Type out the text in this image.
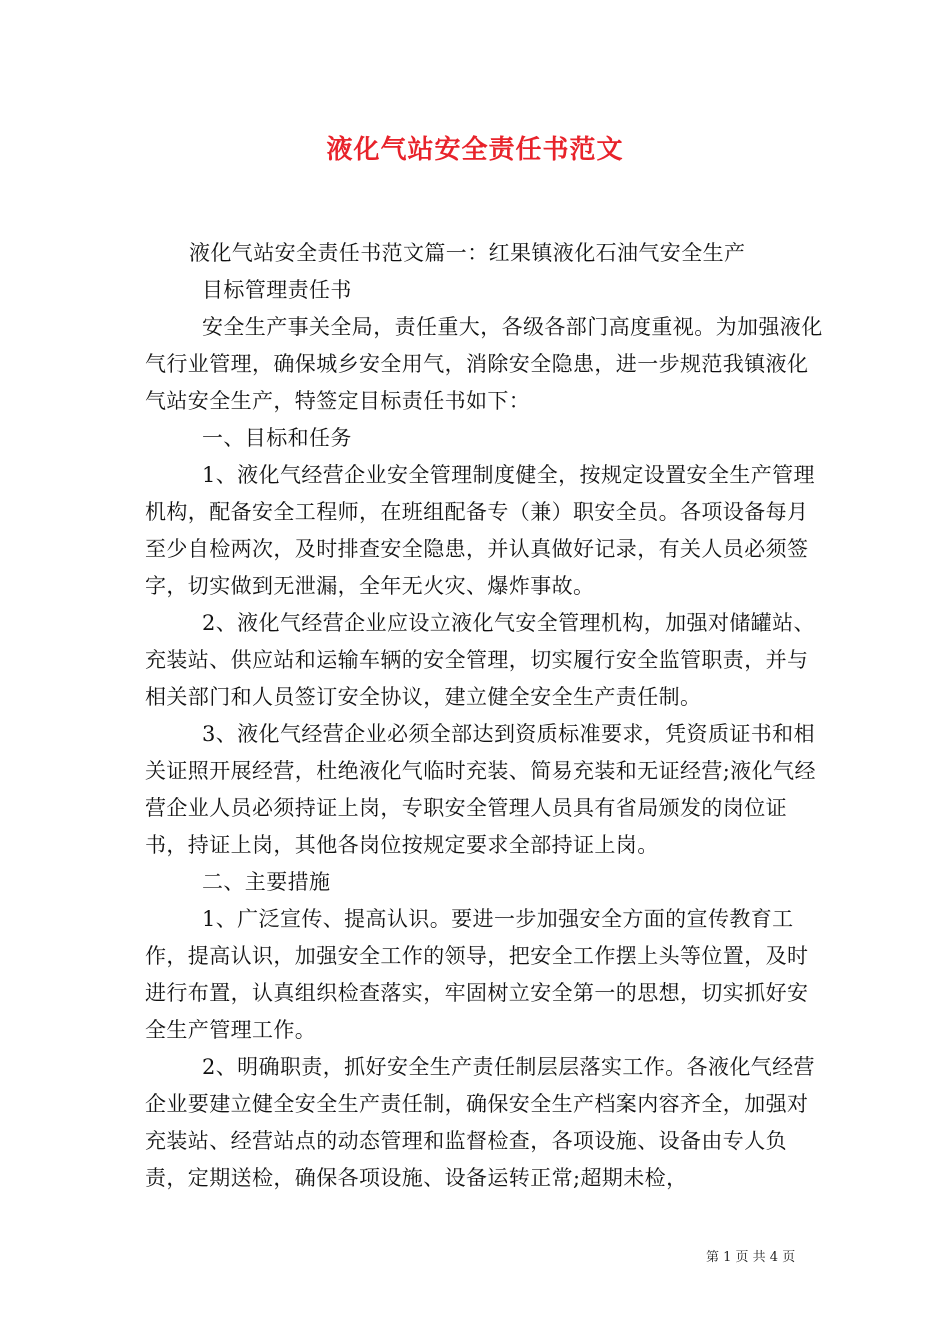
液化气站安全责任书范文

液化气站安全责任书范文篇一：红果镇液化石油气安全生产

目标管理责任书

安全生产事关全局，责任重大，各级各部门高度重视。为加强液化气行业管理，确保城乡安全用气，消除安全隐患，进一步规范我镇液化气站安全生产，特签定目标责任书如下：

一、目标和任务

1、液化气经营企业安全管理制度健全，按规定设置安全生产管理机构，配备安全工程师，在班组配备专（兼）职安全员。各项设备每月至少自检两次，及时排查安全隐患，并认真做好记录，有关人员必须签字，切实做到无泄漏，全年无火灾、爆炸事故。

2、液化气经营企业应设立液化气安全管理机构，加强对储罐站、充装站、供应站和运输车辆的安全管理，切实履行安全监管职责，并与相关部门和人员签订安全协议，建立健全安全生产责任制。

3、液化气经营企业必须全部达到资质标准要求，凭资质证书和相关证照开展经营，杜绝液化气临时充装、简易充装和无证经营;液化气经营企业人员必须持证上岗，专职安全管理人员具有省局颁发的岗位证书，持证上岗，其他各岗位按规定要求全部持证上岗。

二、主要措施

1、广泛宣传、提高认识。要进一步加强安全方面的宣传教育工作，提高认识，加强安全工作的领导，把安全工作摆上头等位置，及时进行布置，认真组织检查落实，牢固树立安全第一的思想，切实抓好安全生产管理工作。

2、明确职责，抓好安全生产责任制层层落实工作。各液化气经营企业要建立健全安全生产责任制，确保安全生产档案内容齐全，加强对充装站、经营站点的动态管理和监督检查，各项设施、设备由专人负责，定期送检，确保各项设施、设备运转正常;超期未检，

第 1 页 共 4 页
